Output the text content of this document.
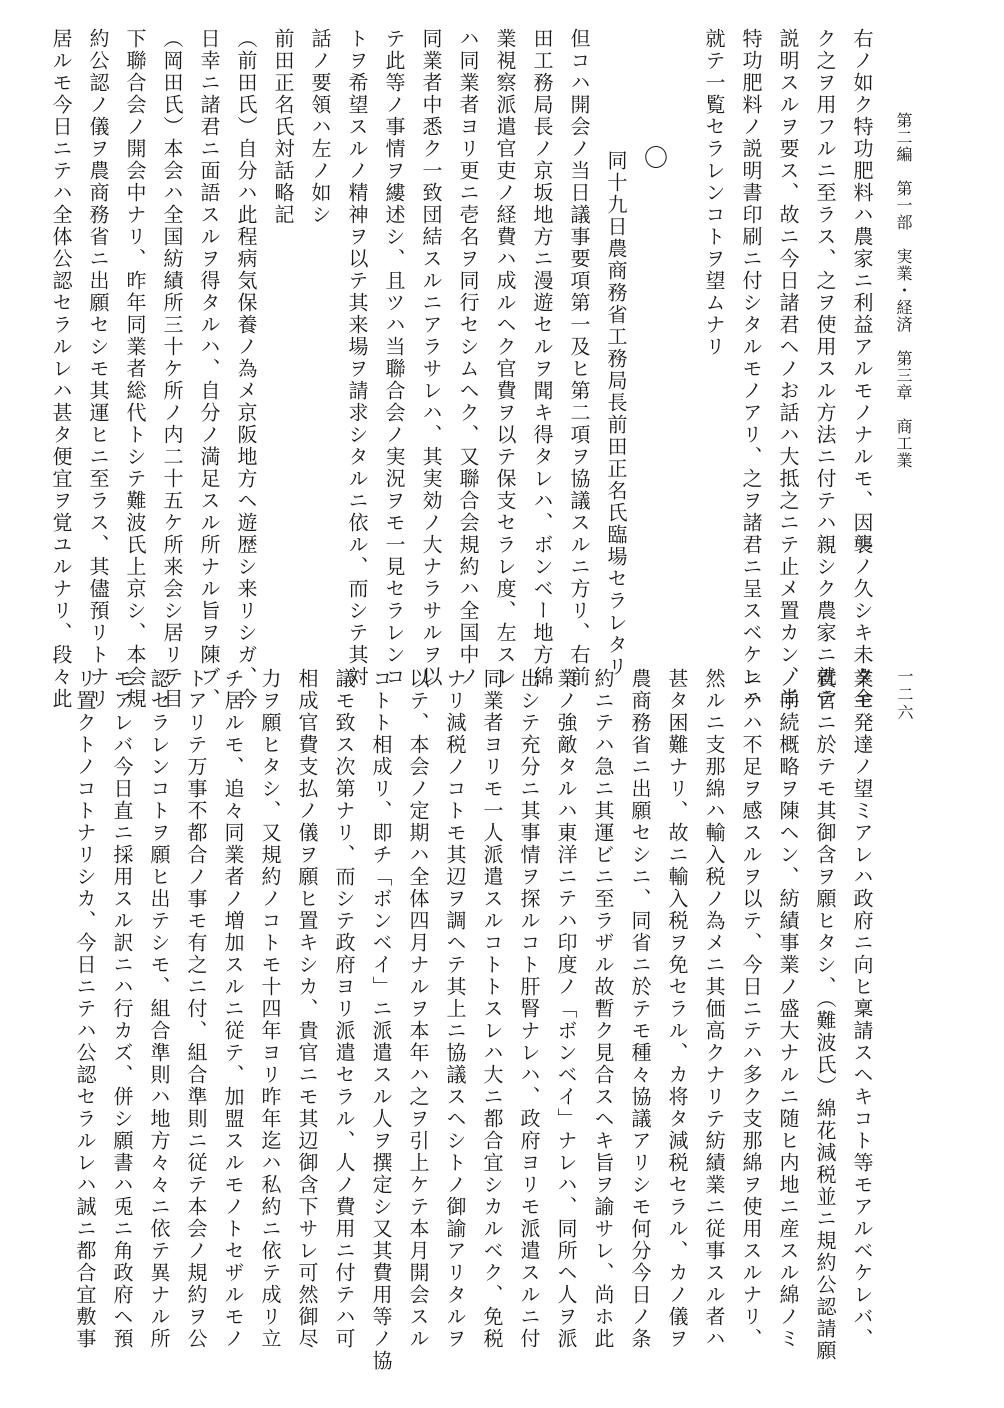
第二編　第一部　実業・経済　第三章　商工業
一二六
右ノ如ク特功肥料ハ農家ニ利益アルモノナルモ、因襲ノ久シキ未タ全
ク之ヲ用フルニ至ラス、之ヲ使用スル方法ニ付テハ親シク農家ニ就テ
説明スルヲ要ス、故ニ今日諸君ヘノお話ハ大抵之ニテ止メ置カン、尚
特功肥料ノ説明書印刷ニ付シタルモノアリ、之ヲ諸君ニ呈スベケレハ
就テ一覧セラレンコトヲ望ムナリ
〇
同十九日農商務省工務局長前田正名氏臨場セラレタリ
但コハ開会ノ当日議事要項第一及ヒ第二項ヲ協議スルニ方リ、右前
田工務局長ノ京坂地方ニ漫遊セルヲ聞キ得タレハ、ボンベー地方綿
業視察派遣官吏ノ経費ハ成ルヘク官費ヲ以テ保支セラレ度、左スレ
ハ同業者ヨリ更ニ壱名ヲ同行セシムヘク、又聯合会規約ハ全国中ノ
同業者中悉ク一致団結スルニアラサレハ、其実効ノ大ナラサルヲ以
テ此等ノ事情ヲ縷述シ、且ツハ当聯合会ノ実況ヲモ一見セラレンコ
トヲ希望スルノ精神ヲ以テ其来場ヲ請求シタルニ依ル、而シテ其対
話ノ要領ハ左ノ如シ
前田正名氏対話略記
（前田氏）自分ハ此程病気保養ノ為メ京阪地方ヘ遊歴シ来リシガ、今
日幸ニ諸君ニ面語スルヲ得タルハ、自分ノ満足スル所ナル旨ヲ陳ブ、
（岡田氏）本会ハ全国紡績所三十ケ所ノ内二十五ケ所来会シ居リテ目
下聯合会ノ開会中ナリ、昨年同業者総代トシテ難波氏上京シ、本会規
約公認ノ儀ヲ農商務省ニ出願セシモ其運ヒニ至ラス、其儘預リトナリ
居ルモ今日ニテハ全体公認セラルレハ甚タ便宜ヲ覚ユルナリ、段々此
業モ発達ノ望ミアレハ政府ニ向ヒ稟請スヘキコト等モアルベケレバ、
貴官ニ於テモ其御含ヲ願ヒタシ、（難波氏）綿花減税並ニ規約公認請願
ノ手続概略ヲ陳ヘン、紡績事業ノ盛大ナルニ随ヒ内地ニ産スル綿ノミ
ニテハ不足ヲ感スルヲ以テ、今日ニテハ多ク支那綿ヲ使用スルナリ、
然ルニ支那綿ハ輸入税ノ為メニ其価高クナリテ紡績業ニ従事スル者ハ
甚タ困難ナリ、故ニ輸入税ヲ免セラル、カ将タ減税セラル、カノ儀ヲ
農商務省ニ出願セシニ、同省ニ於テモ種々協議アリシモ何分今日ノ条
約ニテハ急ニ其運ビニ至ラザル故暫ク見合スヘキ旨ヲ諭サレ、尚ホ此
業ノ強敵タルハ東洋ニテハ印度ノ「ボンベイ」ナレハ、同所ヘ人ヲ派
出シテ充分ニ其事情ヲ探ルコト肝腎ナレハ、政府ヨリモ派遣スルニ付
同業者ヨリモ一人派遣スルコトトスレハ大ニ都合宜シカルベク、免税
ナリ減税ノコトモ其辺ヲ調ヘテ其上ニ協議スヘシトノ御諭アリタルヲ
以テ、本会ノ定期ハ全体四月ナルヲ本年ハ之ヲ引上ケテ本月開会スル
コトト相成リ、即チ「ボンベイ」ニ派遣スル人ヲ撰定シ又其費用等ノ協
議モ致ス次第ナリ、而シテ政府ヨリ派遣セラル、人ノ費用ニ付テハ可
相成官費支払ノ儀ヲ願ヒ置キシカ、貴官ニモ其辺御含下サレ可然御尽
力ヲ願ヒタシ、又規約ノコトモ十四年ヨリ昨年迄ハ私約ニ依テ成リ立
チ居ルモ、追々同業者ノ増加スルニ従テ、加盟スルモノトセザルモノ
トアリテ万事不都合ノ事モ有之ニ付、組合準則ニ従テ本会ノ規約ヲ公
認セラレンコトヲ願ヒ出テシモ、組合準則ハ地方々々ニ依テ異ナル所
モアレバ今日直ニ採用スル訳ニハ行カズ、併シ願書ハ兎ニ角政府ヘ預
リ置クトノコトナリシカ、今日ニテハ公認セラルレハ誠ニ都合宜敷事
